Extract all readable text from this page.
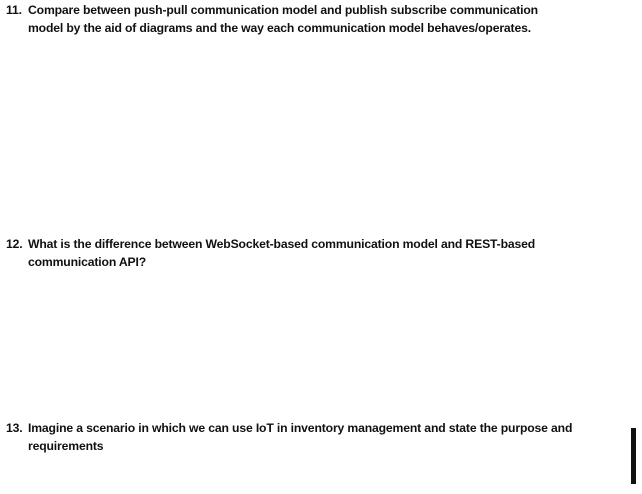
11. Compare between push-pull communication model and publish subscribe communication
model by the aid of diagrams and the way each communication model behaves/operates.
12. What is the difference between WebSocket-based communication model and REST-based
communication API?
13. Imagine a scenario in which we can use IoT in inventory management and state the purpose and
requirements
